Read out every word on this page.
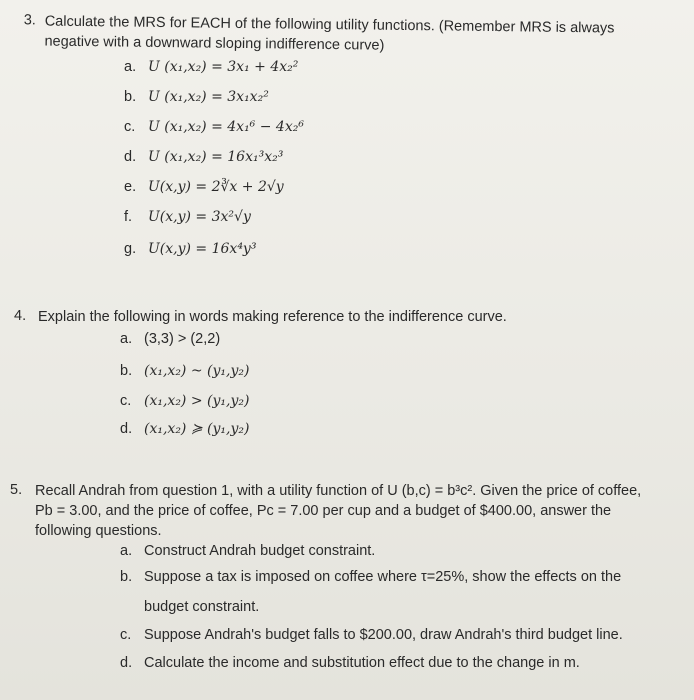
3. Calculate the MRS for EACH of the following utility functions. (Remember MRS is always
negative with a downward sloping indifference curve)
a. U (x₁,x₂) = 3x₁ + 4x₂²
b. U (x₁,x₂) = 3x₁x₂²
c. U (x₁,x₂) = 4x₁⁶ − 4x₂⁶
d. U (x₁,x₂) = 16x₁³x₂³
e. U(x,y) = 2∛x + 2√y
f. U(x,y) = 3x²√y
g. U(x,y) = 16x⁴y³
4. Explain the following in words making reference to the indifference curve.
a. (3,3) > (2,2)
b. (x₁,x₂) ~ (y₁,y₂)
c. (x₁,x₂) > (y₁,y₂)
d. (x₁,x₂) ≽ (y₁,y₂)
5. Recall Andrah from question 1, with a utility function of U (b,c) = b³c². Given the price of coffee,
Pb = 3.00, and the price of coffee, Pc = 7.00 per cup and a budget of $400.00, answer the
following questions.
a. Construct Andrah budget constraint.
b. Suppose a tax is imposed on coffee where τ=25%, show the effects on the
budget constraint.
c. Suppose Andrah's budget falls to $200.00, draw Andrah's third budget line.
d. Calculate the income and substitution effect due to the change in m.
